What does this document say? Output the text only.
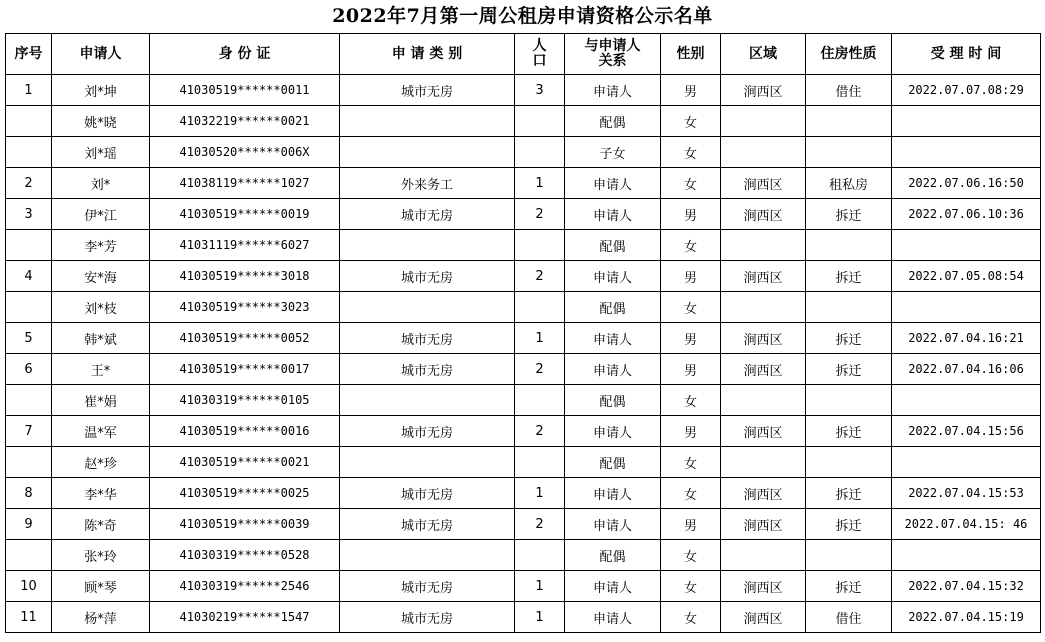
2022年7月第一周公租房申请资格公示名单
序号	申请人	身 份 证	申 请 类 别	人口	与申请人关系	性别	区域	住房性质	受 理 时 间
1	刘*坤	41030519******0011	城市无房	3	申请人	男	涧西区	借住	2022.07.07.08:29
	姚*晓	41032219******0021			配偶	女			
	刘*瑶	41030520******006X			子女	女			
2	刘*	41038119******1027	外来务工	1	申请人	女	涧西区	租私房	2022.07.06.16:50
3	伊*江	41030519******0019	城市无房	2	申请人	男	涧西区	拆迁	2022.07.06.10:36
	李*芳	41031119******6027			配偶	女			
4	安*海	41030519******3018	城市无房	2	申请人	男	涧西区	拆迁	2022.07.05.08:54
	刘*枝	41030519******3023			配偶	女			
5	韩*斌	41030519******0052	城市无房	1	申请人	男	涧西区	拆迁	2022.07.04.16:21
6	王*	41030519******0017	城市无房	2	申请人	男	涧西区	拆迁	2022.07.04.16:06
	崔*娟	41030319******0105			配偶	女			
7	温*军	41030519******0016	城市无房	2	申请人	男	涧西区	拆迁	2022.07.04.15:56
	赵*珍	41030519******0021			配偶	女			
8	李*华	41030519******0025	城市无房	1	申请人	女	涧西区	拆迁	2022.07.04.15:53
9	陈*奇	41030519******0039	城市无房	2	申请人	男	涧西区	拆迁	2022.07.04.15: 46
	张*玲	41030319******0528			配偶	女			
10	顾*琴	41030319******2546	城市无房	1	申请人	女	涧西区	拆迁	2022.07.04.15:32
11	杨*萍	41030219******1547	城市无房	1	申请人	女	涧西区	借住	2022.07.04.15:19
